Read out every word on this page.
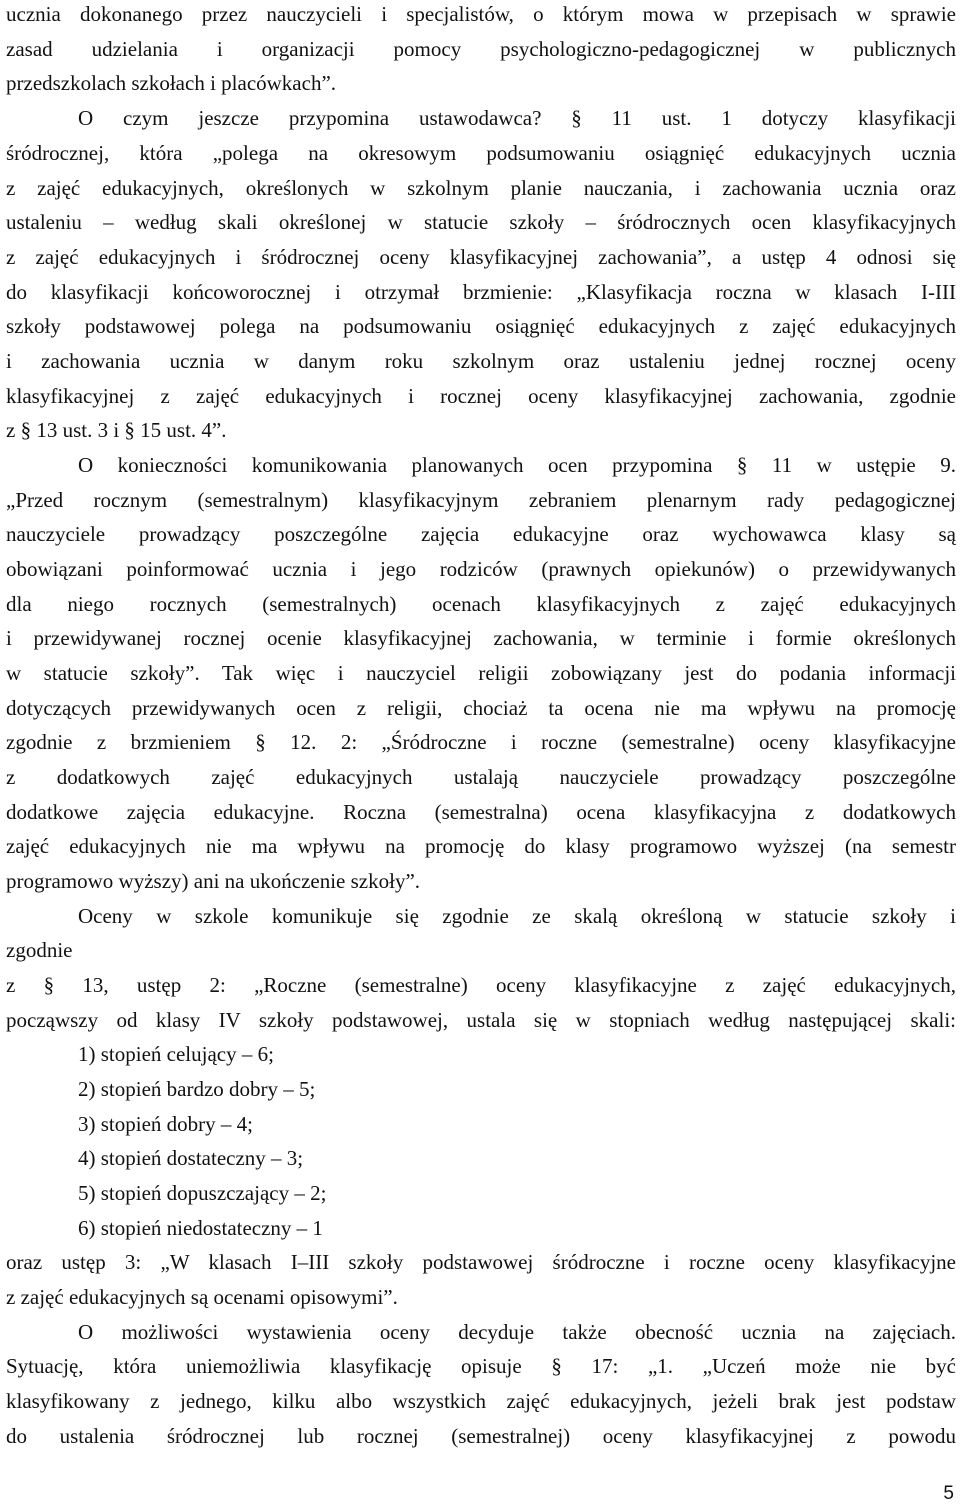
ucznia dokonanego przez nauczycieli i specjalistów, o którym mowa w przepisach w sprawie
zasad udzielania i organizacji pomocy psychologiczno-pedagogicznej w publicznych
przedszkolach szkołach i placówkach”.
O czym jeszcze przypomina ustawodawca? § 11 ust. 1 dotyczy klasyfikacji
śródrocznej, która „polega na okresowym podsumowaniu osiągnięć edukacyjnych ucznia
z zajęć edukacyjnych, określonych w szkolnym planie nauczania, i zachowania ucznia oraz
ustaleniu – według skali określonej w statucie szkoły – śródrocznych ocen klasyfikacyjnych
z zajęć edukacyjnych i śródrocznej oceny klasyfikacyjnej zachowania”, a ustęp 4 odnosi się
do klasyfikacji końcoworocznej i otrzymał brzmienie: „Klasyfikacja roczna w klasach I-III
szkoły podstawowej polega na podsumowaniu osiągnięć edukacyjnych z zajęć edukacyjnych
i zachowania ucznia w danym roku szkolnym oraz ustaleniu jednej rocznej oceny
klasyfikacyjnej z zajęć edukacyjnych i rocznej oceny klasyfikacyjnej zachowania, zgodnie
z § 13 ust. 3 i § 15 ust. 4”.
O konieczności komunikowania planowanych ocen przypomina § 11 w ustępie 9.
„Przed rocznym (semestralnym) klasyfikacyjnym zebraniem plenarnym rady pedagogicznej
nauczyciele prowadzący poszczególne zajęcia edukacyjne oraz wychowawca klasy są
obowiązani poinformować ucznia i jego rodziców (prawnych opiekunów) o przewidywanych
dla niego rocznych (semestralnych) ocenach klasyfikacyjnych z zajęć edukacyjnych
i przewidywanej rocznej ocenie klasyfikacyjnej zachowania, w terminie i formie określonych
w statucie szkoły”. Tak więc i nauczyciel religii zobowiązany jest do podania informacji
dotyczących przewidywanych ocen z religii, chociaż ta ocena nie ma wpływu na promocję
zgodnie z brzmieniem § 12. 2: „Śródroczne i roczne (semestralne) oceny klasyfikacyjne
z dodatkowych zajęć edukacyjnych ustalają nauczyciele prowadzący poszczególne
dodatkowe zajęcia edukacyjne. Roczna (semestralna) ocena klasyfikacyjna z dodatkowych
zajęć edukacyjnych nie ma wpływu na promocję do klasy programowo wyższej (na semestr
programowo wyższy) ani na ukończenie szkoły”.
Oceny w szkole komunikuje się zgodnie ze skalą określoną w statucie szkoły i
zgodnie
z § 13, ustęp 2: „Roczne (semestralne) oceny klasyfikacyjne z zajęć edukacyjnych,
począwszy od klasy IV szkoły podstawowej, ustala się w stopniach według następującej skali:
1) stopień celujący – 6;
2) stopień bardzo dobry – 5;
3) stopień dobry – 4;
4) stopień dostateczny – 3;
5) stopień dopuszczający – 2;
6) stopień niedostateczny – 1
oraz ustęp 3: „W klasach I–III szkoły podstawowej śródroczne i roczne oceny klasyfikacyjne
z zajęć edukacyjnych są ocenami opisowymi”.
O możliwości wystawienia oceny decyduje także obecność ucznia na zajęciach.
Sytuację, która uniemożliwia klasyfikację opisuje § 17: „1. „Uczeń może nie być
klasyfikowany z jednego, kilku albo wszystkich zajęć edukacyjnych, jeżeli brak jest podstaw
do ustalenia śródrocznej lub rocznej (semestralnej) oceny klasyfikacyjnej z powodu
5
